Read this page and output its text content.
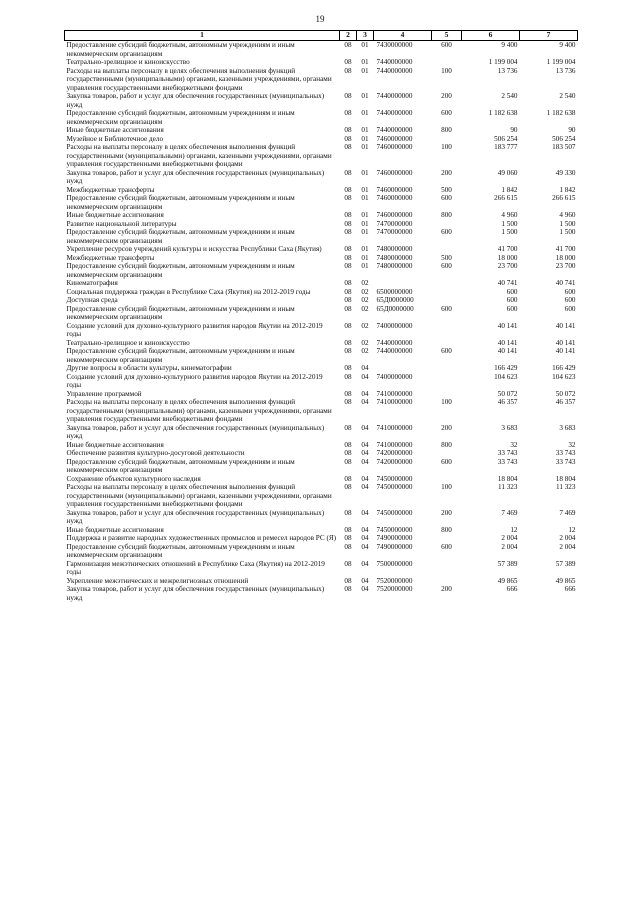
19
1	2	3	4	5	6	7
Предоставление субсидий бюджетным, автономным учреждениям и иным некоммерческим организациям	08	01	7430000000	600	9 400	9 400
Театрально-зрелищное и киноискусство	08	01	7440000000		1 199 004	1 199 004
Расходы на выплаты персоналу в целях обеспечения выполнения функций государственными (муниципальными) органами, казенными учреждениями, органами управления государственными внебюджетными фондами	08	01	7440000000	100	13 736	13 736
Закупка товаров, работ и услуг для обеспечения государственных (муниципальных) нужд	08	01	7440000000	200	2 540	2 540
Предоставление субсидий бюджетным, автономным учреждениям и иным некоммерческим организациям	08	01	7440000000	600	1 182 638	1 182 638
Иные бюджетные ассигнования	08	01	7440000000	800	90	90
Музейное и Библиотечное дело	08	01	7460000000		506 254	506 254
Расходы на выплаты персоналу в целях обеспечения выполнения функций государственными (муниципальными) органами, казенными учреждениями, органами управления государственными внебюджетными фондами	08	01	7460000000	100	183 777	183 507
Закупка товаров, работ и услуг для обеспечения государственных (муниципальных) нужд	08	01	7460000000	200	49 060	49 330
Межбюджетные трансферты	08	01	7460000000	500	1 842	1 842
Предоставление субсидий бюджетным, автономным учреждениям и иным некоммерческим организациям	08	01	7460000000	600	266 615	266 615
Иные бюджетные ассигнования	08	01	7460000000	800	4 960	4 960
Развитие национальной литературы	08	01	7470000000		1 500	1 500
Предоставление субсидий бюджетным, автономным учреждениям и иным некоммерческим организациям	08	01	7470000000	600	1 500	1 500
Укрепление ресурсов учреждений культуры и искусства Республики Саха (Якутия)	08	01	7480000000		41 700	41 700
Межбюджетные трансферты	08	01	7480000000	500	18 000	18 000
Предоставление субсидий бюджетным, автономным учреждениям и иным некоммерческим организациям	08	01	7480000000	600	23 700	23 700
Кинематография	08	02			40 741	40 741
Социальная поддержка граждан в Республике Саха (Якутия) на 2012-2019 годы	08	02	6500000000		600	600
Доступная среда	08	02	65Д0000000		600	600
Предоставление субсидий бюджетным, автономным учреждениям и иным некоммерческим организациям	08	02	65Д0000000	600	600	600
Создание условий для духовно-культурного развития народов Якутии на 2012-2019 годы	08	02	7400000000		40 141	40 141
Театрально-зрелищное и киноискусство	08	02	7440000000		40 141	40 141
Предоставление субсидий бюджетным, автономным учреждениям и иным некоммерческим организациям	08	02	7440000000	600	40 141	40 141
Другие вопросы в области культуры, кинематографии	08	04			166 429	166 429
Создание условий для духовно-культурного развития народов Якутии на 2012-2019 годы	08	04	7400000000		104 623	104 623
Управление программой	08	04	7410000000		50 072	50 072
Расходы на выплаты персоналу в целях обеспечения выполнения функций государственными (муниципальными) органами, казенными учреждениями, органами управления государственными внебюджетными фондами	08	04	7410000000	100	46 357	46 357
Закупка товаров, работ и услуг для обеспечения государственных (муниципальных) нужд	08	04	7410000000	200	3 683	3 683
Иные бюджетные ассигнования	08	04	7410000000	800	32	32
Обеспечение развития культурно-досуговой деятельности	08	04	7420000000		33 743	33 743
Предоставление субсидий бюджетным, автономным учреждениям и иным некоммерческим организациям	08	04	7420000000	600	33 743	33 743
Сохранение объектов культурного наследия	08	04	7450000000		18 804	18 804
Расходы на выплаты персоналу в целях обеспечения выполнения функций государственными (муниципальными) органами, казенными учреждениями, органами управления государственными внебюджетными фондами	08	04	7450000000	100	11 323	11 323
Закупка товаров, работ и услуг для обеспечения государственных (муниципальных) нужд	08	04	7450000000	200	7 469	7 469
Иные бюджетные ассигнования	08	04	7450000000	800	12	12
Поддержка и развитие народных художественных промыслов и ремесел народов РС (Я)	08	04	7490000000		2 004	2 004
Предоставление субсидий бюджетным, автономным учреждениям и иным некоммерческим организациям	08	04	7490000000	600	2 004	2 004
Гармонизация межэтнических отношений в Республике Саха (Якутия) на 2012-2019 годы	08	04	7500000000		57 389	57 389
Укрепление межэтнических и межрелигиозных отношений	08	04	7520000000		49 865	49 865
Закупка товаров, работ и услуг для обеспечения государственных (муниципальных) нужд	08	04	7520000000	200	666	666
